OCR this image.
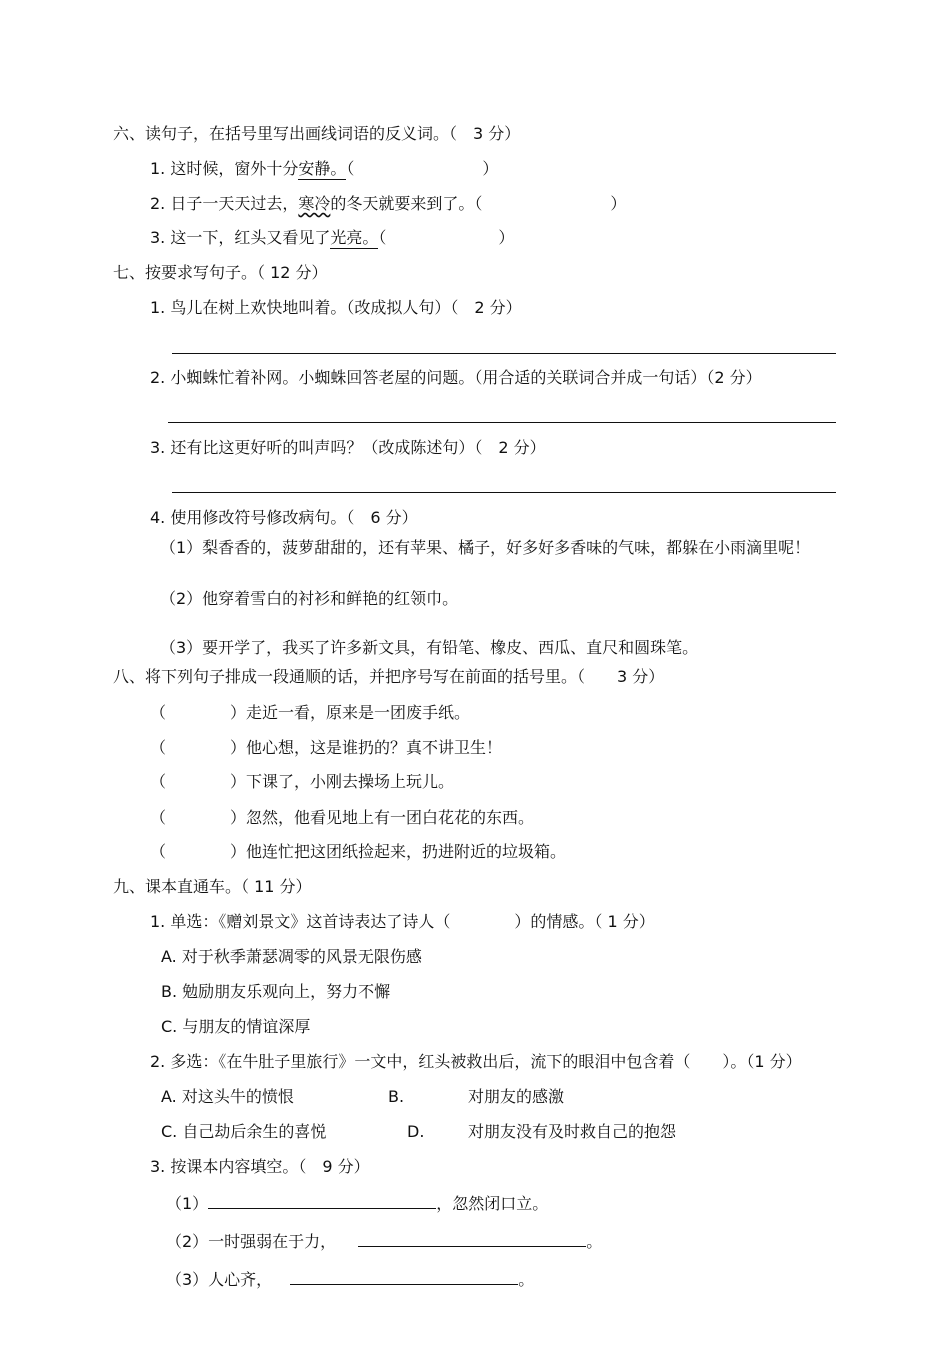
六、读句子，在括号里写出画线词语的反义词。（　3 分）
1. 这时候，窗外十分安静。（　　　　　　　　）
2. 日子一天天过去，寒冷的冬天就要来到了。（　　　　　　　　）
3. 这一下，红头又看见了光亮。（　　　　　　　）
七、按要求写句子。（ 12 分）
1. 鸟儿在树上欢快地叫着。（改成拟人句）（　2 分）
2. 小蜘蛛忙着补网。小蜘蛛回答老屋的问题。（用合适的关联词合并成一句话）（2 分）
3. 还有比这更好听的叫声吗？（改成陈述句）（　2 分）
4. 使用修改符号修改病句。（　6 分）
（1）梨香香的，菠萝甜甜的，还有苹果、橘子，好多好多香味的气味，都躲在小雨滴里呢！
（2）他穿着雪白的衬衫和鲜艳的红领巾。
（3）要开学了，我买了许多新文具，有铅笔、橡皮、西瓜、直尺和圆珠笔。
八、将下列句子排成一段通顺的话，并把序号写在前面的括号里。（　　3 分）
（　　　　）走近一看，原来是一团废手纸。
（　　　　）他心想，这是谁扔的？真不讲卫生！
（　　　　）下课了，小刚去操场上玩儿。
（　　　　）忽然，他看见地上有一团白花花的东西。
（　　　　）他连忙把这团纸捡起来，扔进附近的垃圾箱。
九、课本直通车。（ 11 分）
1. 单选：《赠刘景文》这首诗表达了诗人（　　　　）的情感。（ 1 分）
A. 对于秋季萧瑟凋零的风景无限伤感
B. 勉励朋友乐观向上，努力不懈
C. 与朋友的情谊深厚
2. 多选：《在牛肚子里旅行》一文中，红头被救出后，流下的眼泪中包含着（　　）。（1 分）
A. 对这头牛的愤恨	B.	对朋友的感激
C. 自己劫后余生的喜悦	D.	对朋友没有及时救自己的抱怨
3. 按课本内容填空。（　9 分）
（1）	，忽然闭口立。
（2）一时强弱在于力，	。
（3）人心齐，	。
